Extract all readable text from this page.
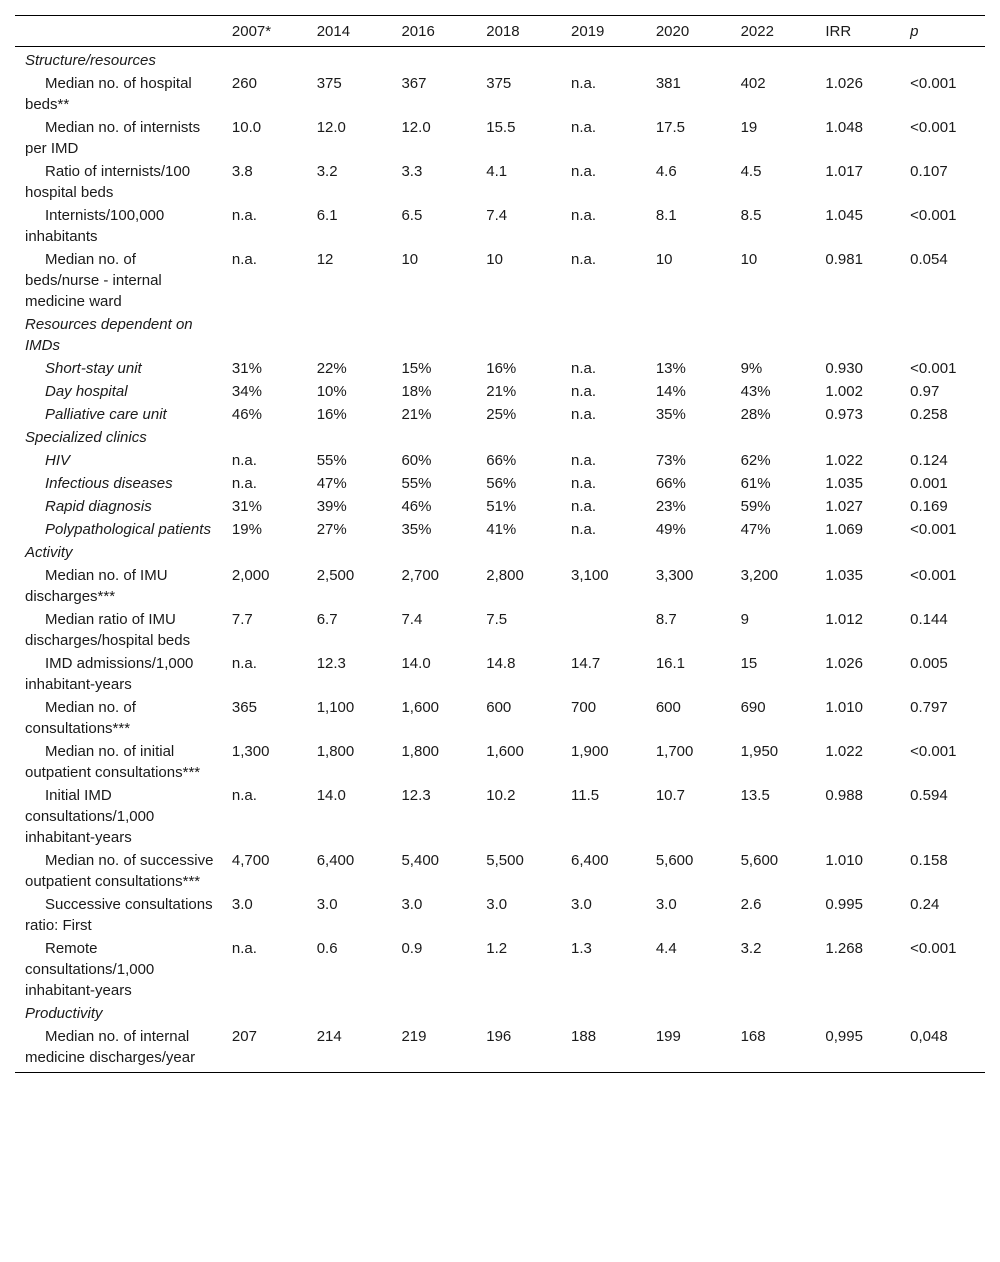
	2007*	2014	2016	2018	2019	2020	2022	IRR	p
Structure/resources									
Median no. of hospital beds**	260	375	367	375	n.a.	381	402	1.026	<0.001
Median no. of internists per IMD	10.0	12.0	12.0	15.5	n.a.	17.5	19	1.048	<0.001
Ratio of internists/100 hospital beds	3.8	3.2	3.3	4.1	n.a.	4.6	4.5	1.017	0.107
Internists/100,000 inhabitants	n.a.	6.1	6.5	7.4	n.a.	8.1	8.5	1.045	<0.001
Median no. of beds/nurse - internal medicine ward	n.a.	12	10	10	n.a.	10	10	0.981	0.054
Resources dependent on IMDs									
Short-stay unit	31%	22%	15%	16%	n.a.	13%	9%	0.930	<0.001
Day hospital	34%	10%	18%	21%	n.a.	14%	43%	1.002	0.97
Palliative care unit	46%	16%	21%	25%	n.a.	35%	28%	0.973	0.258
Specialized clinics									
HIV	n.a.	55%	60%	66%	n.a.	73%	62%	1.022	0.124
Infectious diseases	n.a.	47%	55%	56%	n.a.	66%	61%	1.035	0.001
Rapid diagnosis	31%	39%	46%	51%	n.a.	23%	59%	1.027	0.169
Polypathological patients	19%	27%	35%	41%	n.a.	49%	47%	1.069	<0.001
Activity									
Median no. of IMU discharges***	2,000	2,500	2,700	2,800	3,100	3,300	3,200	1.035	<0.001
Median ratio of IMU discharges/hospital beds	7.7	6.7	7.4	7.5		8.7	9	1.012	0.144
IMD admissions/1,000 inhabitant-years	n.a.	12.3	14.0	14.8	14.7	16.1	15	1.026	0.005
Median no. of consultations***	365	1,100	1,600	600	700	600	690	1.010	0.797
Median no. of initial outpatient consultations***	1,300	1,800	1,800	1,600	1,900	1,700	1,950	1.022	<0.001
Initial IMD consultations/1,000 inhabitant-years	n.a.	14.0	12.3	10.2	11.5	10.7	13.5	0.988	0.594
Median no. of successive outpatient consultations***	4,700	6,400	5,400	5,500	6,400	5,600	5,600	1.010	0.158
Successive consultations ratio: First	3.0	3.0	3.0	3.0	3.0	3.0	2.6	0.995	0.24
Remote consultations/1,000 inhabitant-years	n.a.	0.6	0.9	1.2	1.3	4.4	3.2	1.268	<0.001
Productivity									
Median no. of internal medicine discharges/year	207	214	219	196	188	199	168	0,995	0,048
